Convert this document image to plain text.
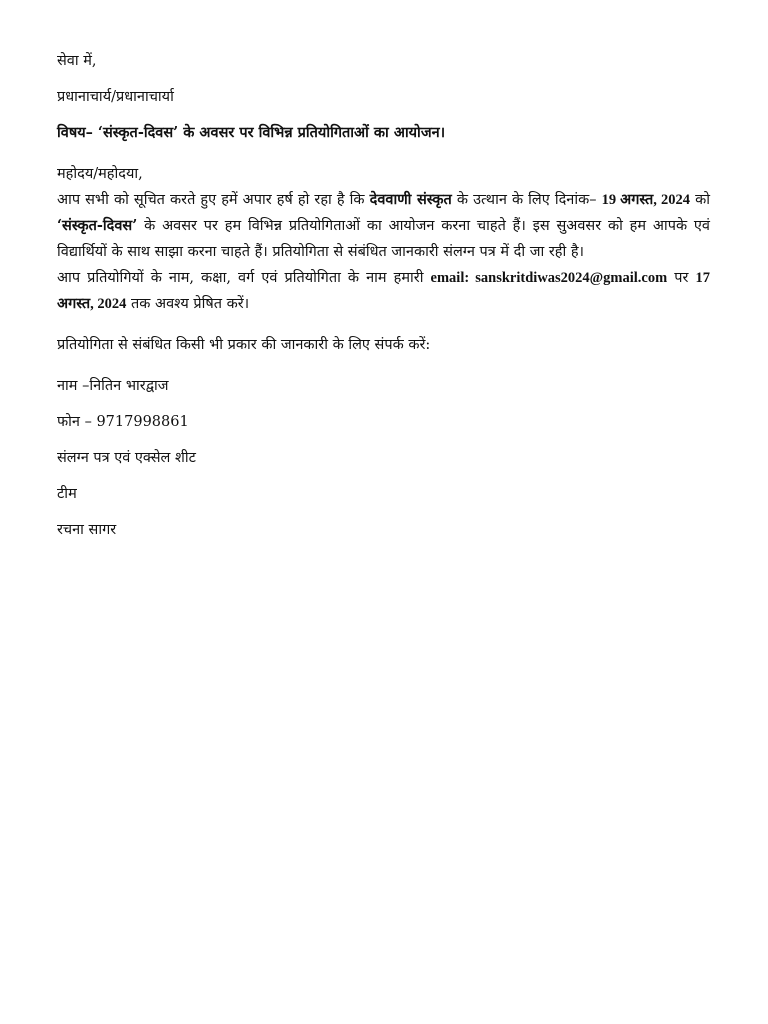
सेवा में,

प्रधानाचार्य/प्रधानाचार्या

विषय– ‘संस्कृत-दिवस’ के अवसर पर विभिन्न प्रतियोगिताओं का आयोजन।

महोदय/महोदया,

आप सभी को सूचित करते हुए हमें अपार हर्ष हो रहा है कि देववाणी संस्कृत के उत्थान के लिए दिनांक– 19 अगस्त, 2024 को ‘संस्कृत-दिवस’ के अवसर पर हम विभिन्न प्रतियोगिताओं का आयोजन करना चाहते हैं। इस सुअवसर को हम आपके एवं विद्यार्थियों के साथ साझा करना चाहते हैं। प्रतियोगिता से संबंधित जानकारी संलग्न पत्र में दी जा रही है।

आप प्रतियोगियों के नाम, कक्षा, वर्ग एवं प्रतियोगिता के नाम हमारी email: sanskritdiwas2024@gmail.com पर 17 अगस्त, 2024 तक अवश्य प्रेषित करें।

प्रतियोगिता से संबंधित किसी भी प्रकार की जानकारी के लिए संपर्क करें:

नाम –नितिन भारद्वाज

फोन – 9717998861

संलग्न पत्र एवं एक्सेल शीट

टीम

रचना सागर
